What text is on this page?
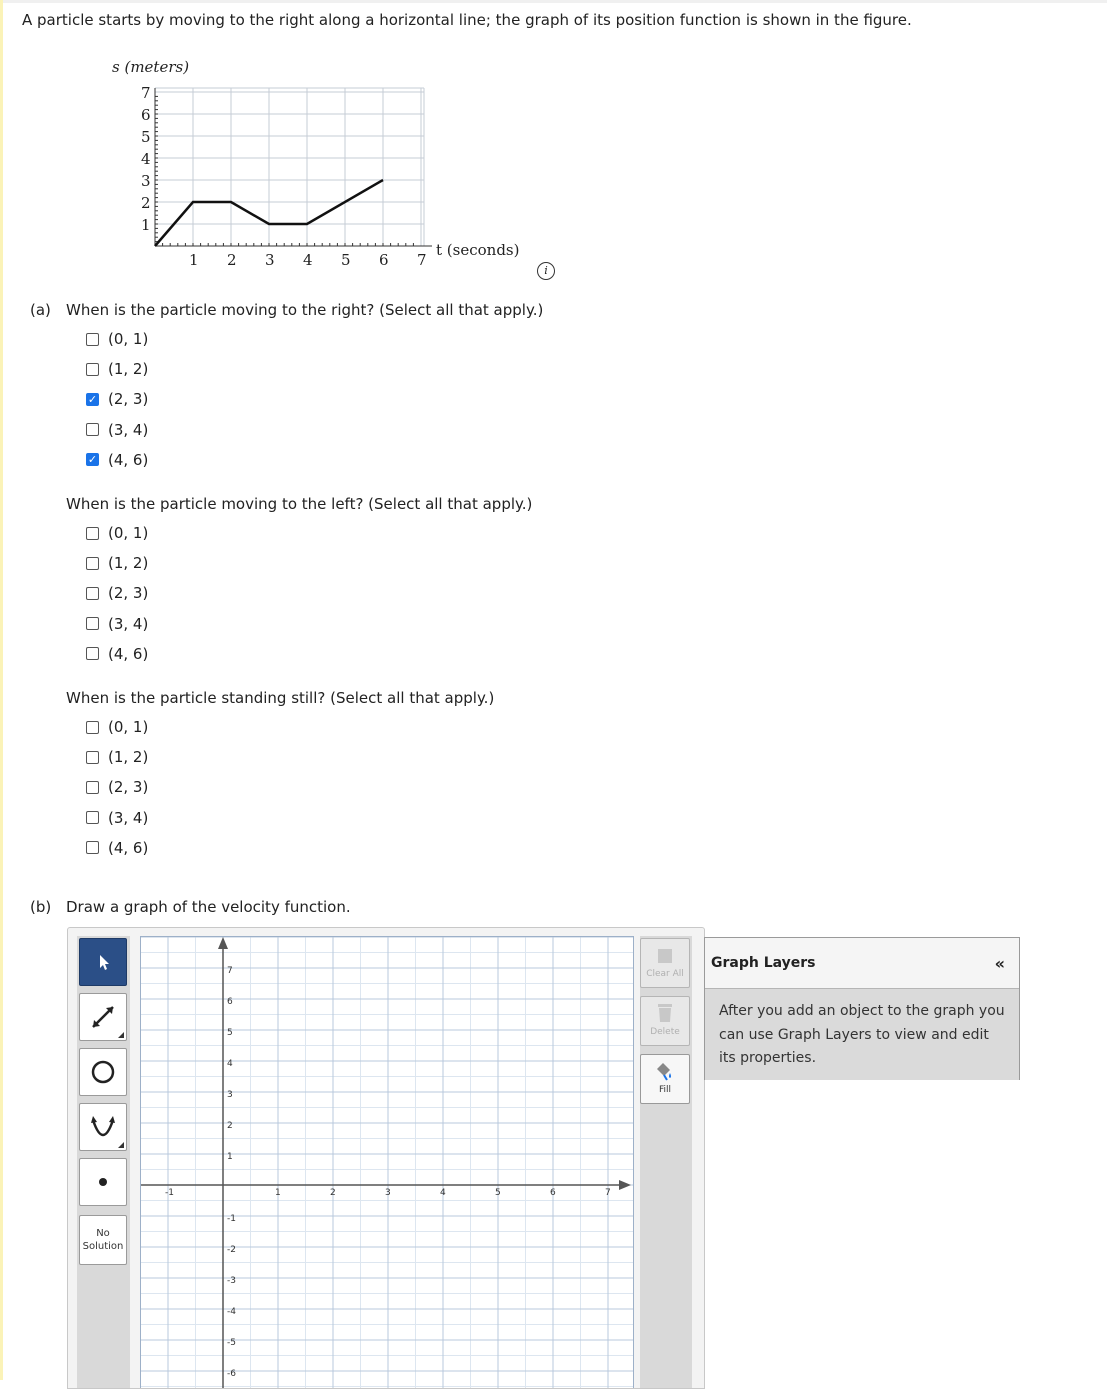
A particle starts by moving to the right along a horizontal line; the graph of its position function is shown in the figure.
s (meters)
t (seconds)
1 2 3 4 5 6 7
1
2
3
4
5
6
7
i
(a) When is the particle moving to the right? (Select all that apply.)
(0, 1)
(1, 2)
✓
(2, 3)
(3, 4)
✓
(4, 6)
When is the particle moving to the left? (Select all that apply.)
(0, 1)
(1, 2)
(2, 3)
(3, 4)
(4, 6)
When is the particle standing still? (Select all that apply.)
(0, 1)
(1, 2)
(2, 3)
(3, 4)
(4, 6)
(b) Draw a graph of the velocity function.
No Solution
-1	1	2	3	4	5	6	7
7
6
5
4
3
2
1
-1
-2
-3
-4
-5
-6
Clear All
Delete
Fill
Graph Layers	«
After you add an object to the graph you can use Graph Layers to view and edit its properties.
